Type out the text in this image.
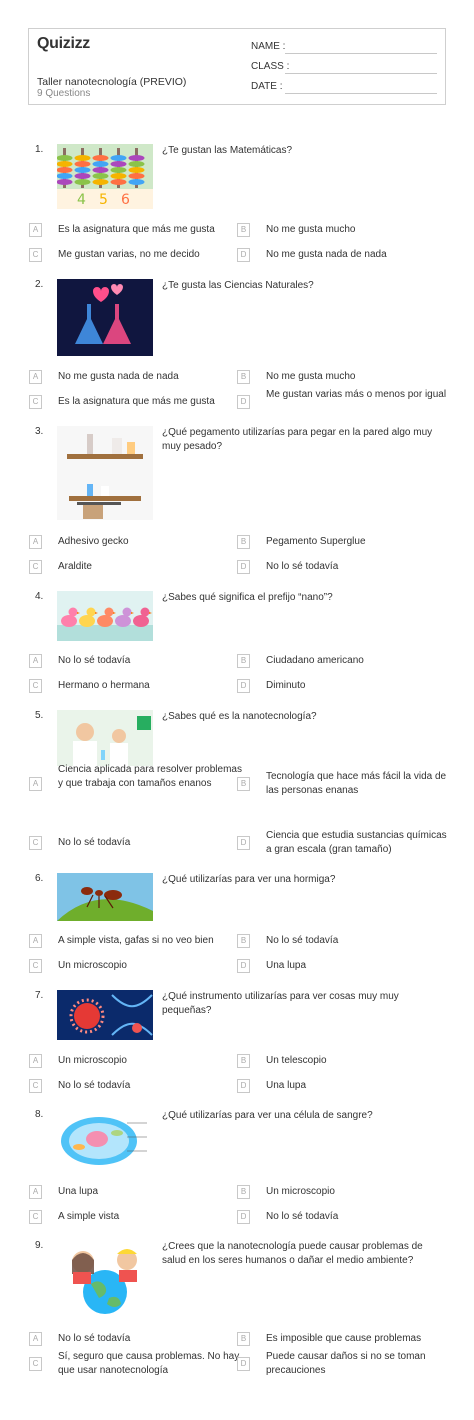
Quizizz
Taller nanotecnología (PREVIO)
9 Questions
NAME :
CLASS :
DATE :
1.
4 5 6
¿Te gustan las Matemáticas?
A	Es la asignatura que más me gusta	B	No me gusta mucho
C	Me gustan varias, no me decido	D	No me gusta nada de nada
2.	¿Te gusta las Ciencias Naturales?
A	No me gusta nada de nada	B	No me gusta mucho
C	Es la asignatura que más me gusta	D
Me gustan varias más o menos por igual
3.	¿Qué pegamento utilizarías para pegar en la pared algo muy muy pesado?
A	Adhesivo gecko	B	Pegamento Superglue
C	Araldite	D	No lo sé todavía
4.	¿Sabes qué significa el prefijo “nano”?
A	No lo sé todavía	B	Ciudadano americano
C	Hermano o hermana	D	Diminuto
5.	¿Sabes qué es la nanotecnología?
A
Ciencia aplicada para resolver problemas y que trabaja con tamaños enanos	B
Tecnología que hace más fácil la vida de las personas enanas
C	No lo sé todavía	D
Ciencia que estudia sustancias químicas a gran escala (gran tamaño)
6.	¿Qué utilizarías para ver una hormiga?
A	A simple vista, gafas si no veo bien	B	No lo sé todavía
C	Un microscopio	D	Una lupa
7.	¿Qué instrumento utilizarías para ver cosas muy muy pequeñas?
A	Un microscopio	B	Un telescopio
C	No lo sé todavía	D	Una lupa
8.	¿Qué utilizarías para ver una célula de sangre?
A	Una lupa	B	Un microscopio
C	A simple vista	D	No lo sé todavía
9.	¿Crees que la nanotecnología puede causar problemas de salud en los seres humanos o dañar el medio ambiente?
A	No lo sé todavía	B	Es imposible que cause problemas
C
Sí, seguro que causa problemas. No hay que usar nanotecnología
D
Puede causar daños si no se toman precauciones
